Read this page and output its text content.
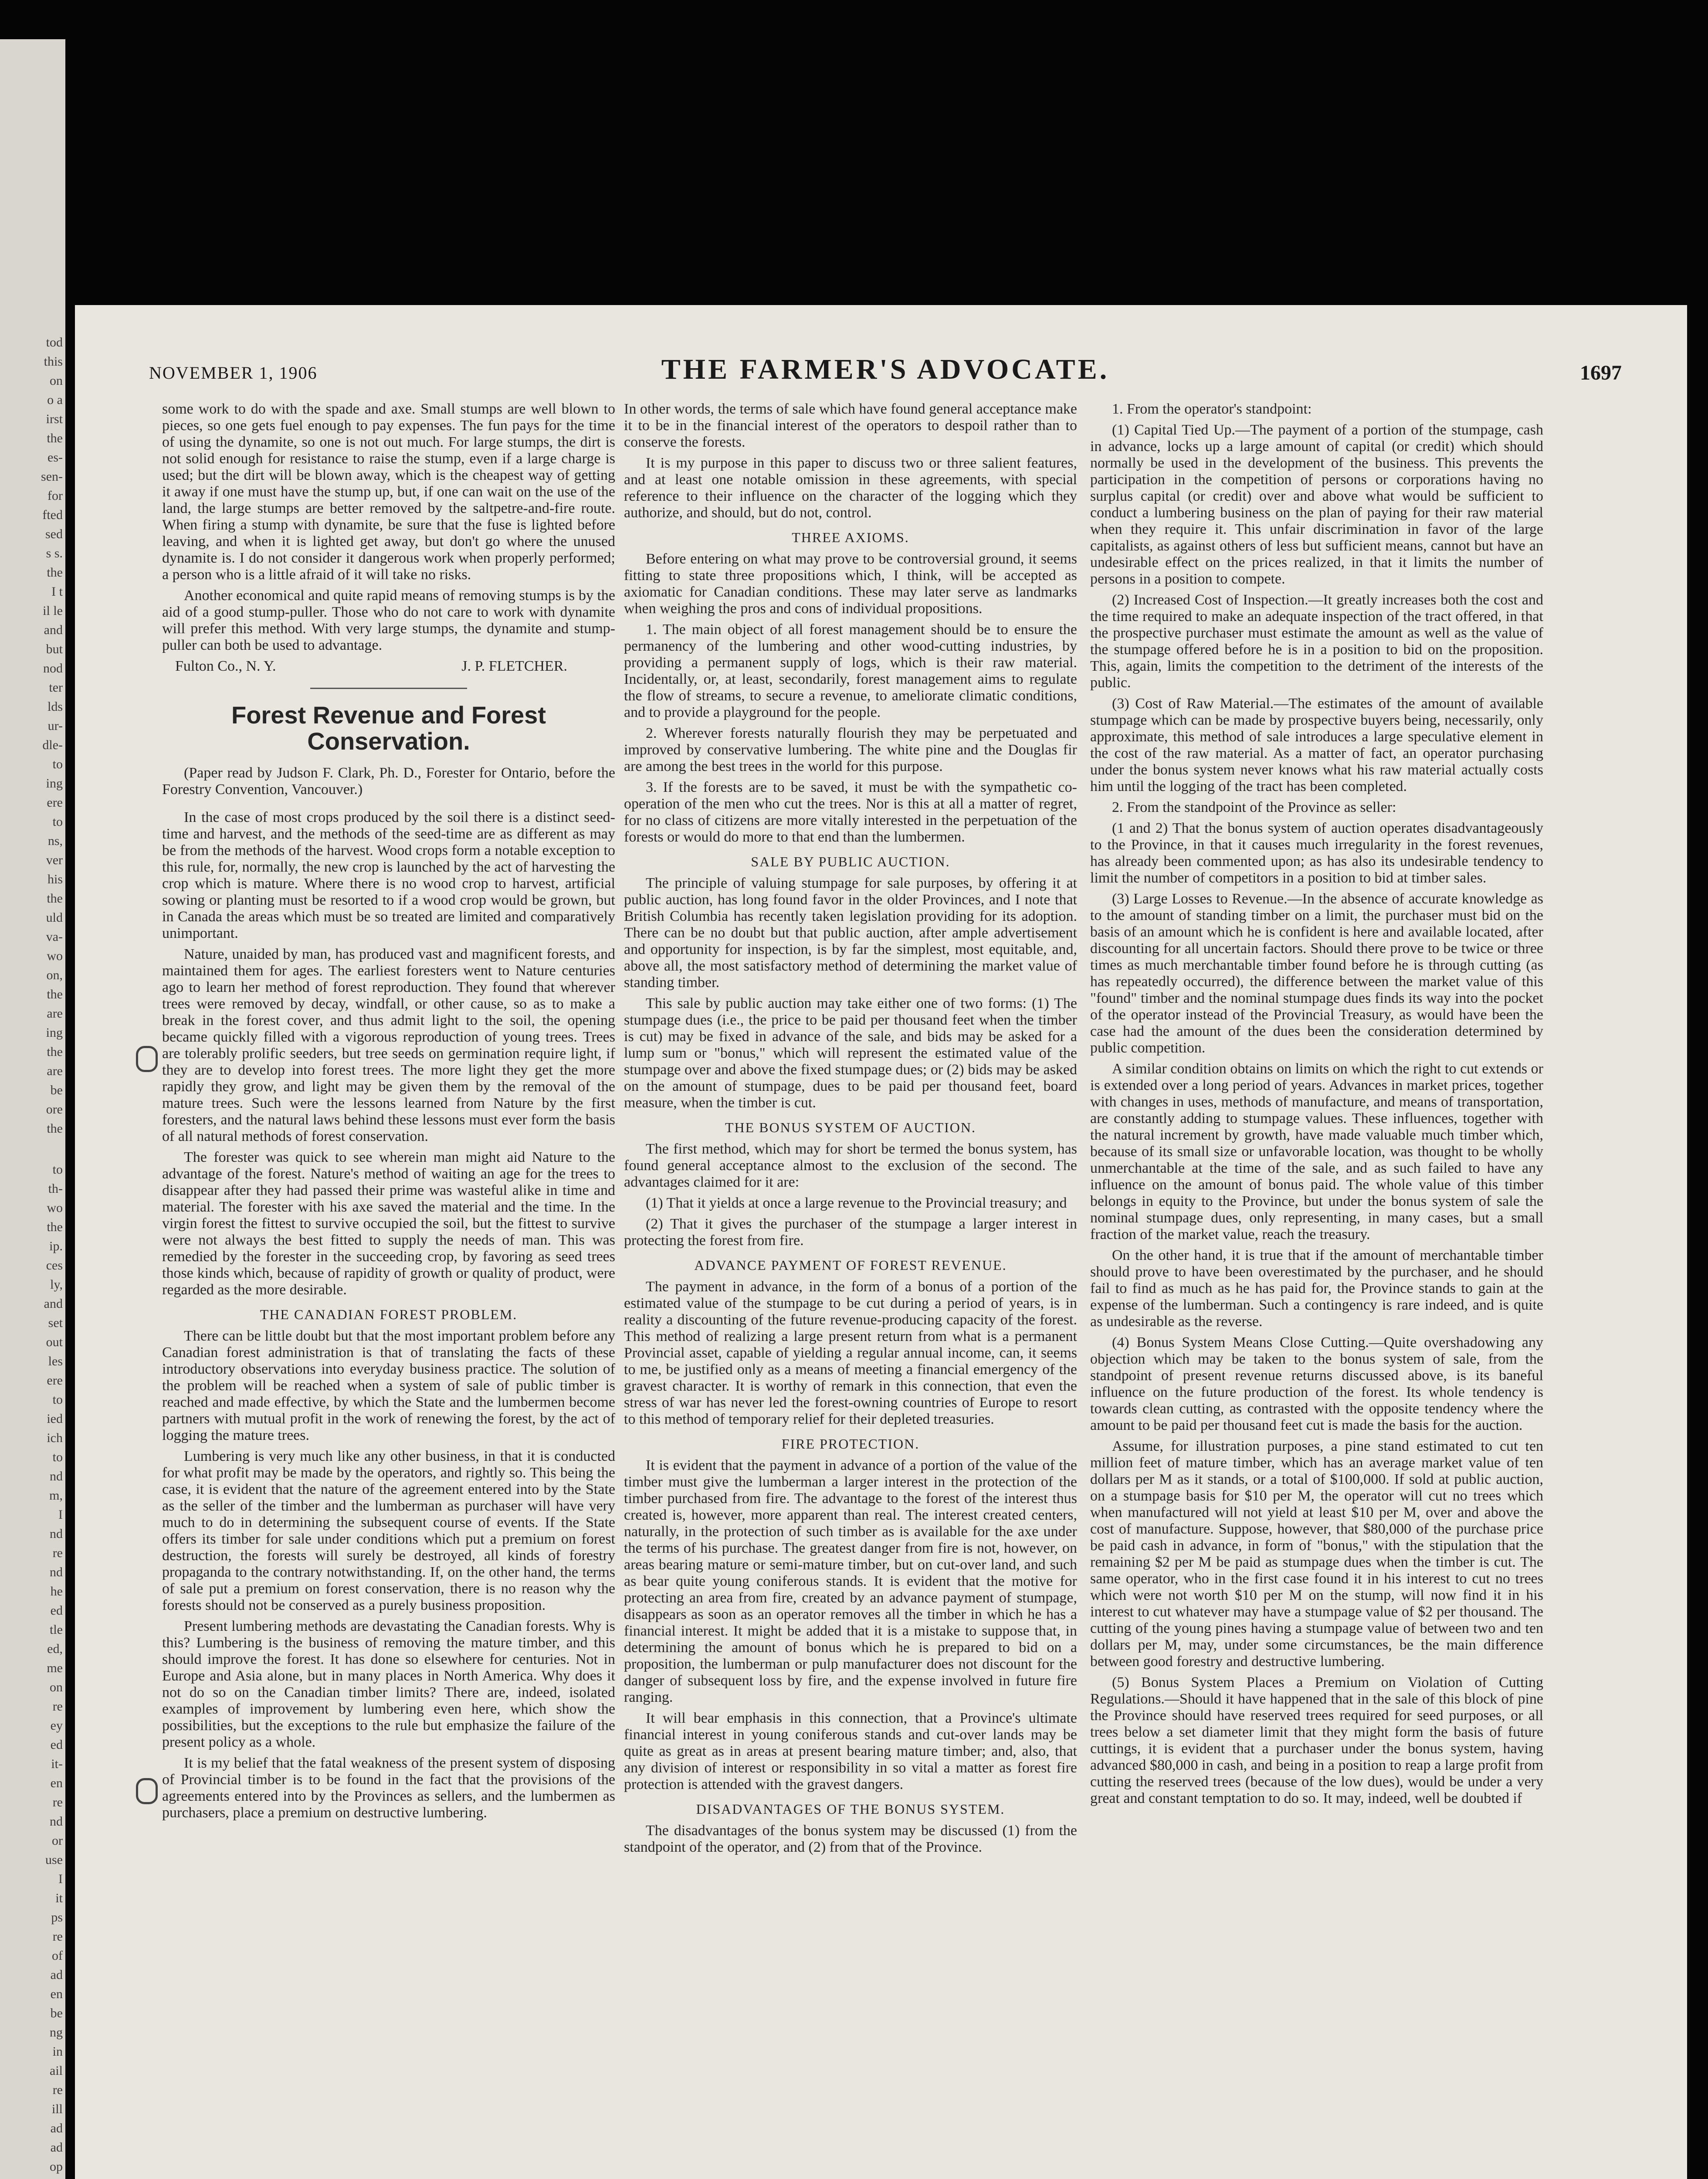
tod
this
on
o a
irst
the
es-
sen-
for
fted
sed
s s.
the
I t
il le
and
but
nod
ter
lds
ur-
dle-
to
ing
ere
to
ns,
ver
his
the
uld
va-
wo
on,
the
are
ing
the
are
be
ore
the
to
th-
wo
the
ip.
ces
ly,
and
set
out
les
ere
to
ied
ich
to
nd
m,
I
nd
re
nd
he
ed
tle
ed,
me
on
re
ey
ed
it-
en
re
nd
or
use
I
it
ps
re
of
ad
en
be
ng
in
ail
re
ill
ad
ad
op
NOVEMBER 1, 1906	THE FARMER'S ADVOCATE.	1697

some work to do with the spade and axe. Small stumps are well blown to pieces, so one gets fuel enough to pay expenses. The fun pays for the time of using the dynamite, so one is not out much. For large stumps, the dirt is not solid enough for resistance to raise the stump, even if a large charge is used; but the dirt will be blown away, which is the cheapest way of getting it away if one must have the stump up, but, if one can wait on the use of the land, the large stumps are better removed by the saltpetre-and-fire route. When firing a stump with dynamite, be sure that the fuse is lighted before leaving, and when it is lighted get away, but don't go where the unused dynamite is. I do not consider it dangerous work when properly performed; a person who is a little afraid of it will take no risks.

Another economical and quite rapid means of removing stumps is by the aid of a good stump-puller. Those who do not care to work with dynamite will prefer this method. With very large stumps, the dynamite and stump-puller can both be used to advantage.

Fulton Co., N. Y.	J. P. FLETCHER.
Forest Revenue and Forest Conservation.

(Paper read by Judson F. Clark, Ph. D., Forester for Ontario, before the Forestry Convention, Vancouver.)

In the case of most crops produced by the soil there is a distinct seed-time and harvest, and the methods of the seed-time are as different as may be from the methods of the harvest. Wood crops form a notable exception to this rule, for, normally, the new crop is launched by the act of harvesting the crop which is mature. Where there is no wood crop to harvest, artificial sowing or planting must be resorted to if a wood crop would be grown, but in Canada the areas which must be so treated are limited and comparatively unimportant.

Nature, unaided by man, has produced vast and magnificent forests, and maintained them for ages. The earliest foresters went to Nature centuries ago to learn her method of forest reproduction. They found that wherever trees were removed by decay, windfall, or other cause, so as to make a break in the forest cover, and thus admit light to the soil, the opening became quickly filled with a vigorous reproduction of young trees. Trees are tolerably prolific seeders, but tree seeds on germination require light, if they are to develop into forest trees. The more light they get the more rapidly they grow, and light may be given them by the removal of the mature trees. Such were the lessons learned from Nature by the first foresters, and the natural laws behind these lessons must ever form the basis of all natural methods of forest conservation.

The forester was quick to see wherein man might aid Nature to the advantage of the forest. Nature's method of waiting an age for the trees to disappear after they had passed their prime was wasteful alike in time and material. The forester with his axe saved the material and the time. In the virgin forest the fittest to survive occupied the soil, but the fittest to survive were not always the best fitted to supply the needs of man. This was remedied by the forester in the succeeding crop, by favoring as seed trees those kinds which, because of rapidity of growth or quality of product, were regarded as the more desirable.

THE CANADIAN FOREST PROBLEM.

There can be little doubt but that the most important problem before any Canadian forest administration is that of translating the facts of these introductory observations into everyday business practice. The solution of the problem will be reached when a system of sale of public timber is reached and made effective, by which the State and the lumbermen become partners with mutual profit in the work of renewing the forest, by the act of logging the mature trees.

Lumbering is very much like any other business, in that it is conducted for what profit may be made by the operators, and rightly so. This being the case, it is evident that the nature of the agreement entered into by the State as the seller of the timber and the lumberman as purchaser will have very much to do in determining the subsequent course of events. If the State offers its timber for sale under conditions which put a premium on forest destruction, the forests will surely be destroyed, all kinds of forestry propaganda to the contrary notwithstanding. If, on the other hand, the terms of sale put a premium on forest conservation, there is no reason why the forests should not be conserved as a purely business proposition.

Present lumbering methods are devastating the Canadian forests. Why is this? Lumbering is the business of removing the mature timber, and this should improve the forest. It has done so elsewhere for centuries. Not in Europe and Asia alone, but in many places in North America. Why does it not do so on the Canadian timber limits? There are, indeed, isolated examples of improvement by lumbering even here, which show the possibilities, but the exceptions to the rule but emphasize the failure of the present policy as a whole.

It is my belief that the fatal weakness of the present system of disposing of Provincial timber is to be found in the fact that the provisions of the agreements entered into by the Provinces as sellers, and the lumbermen as purchasers, place a premium on destructive lumbering.

In other words, the terms of sale which have found general acceptance make it to be in the financial interest of the operators to despoil rather than to conserve the forests.

It is my purpose in this paper to discuss two or three salient features, and at least one notable omission in these agreements, with special reference to their influence on the character of the logging which they authorize, and should, but do not, control.

THREE AXIOMS.

Before entering on what may prove to be controversial ground, it seems fitting to state three propositions which, I think, will be accepted as axiomatic for Canadian conditions. These may later serve as landmarks when weighing the pros and cons of individual propositions.

1. The main object of all forest management should be to ensure the permanency of the lumbering and other wood-cutting industries, by providing a permanent supply of logs, which is their raw material. Incidentally, or, at least, secondarily, forest management aims to regulate the flow of streams, to secure a revenue, to ameliorate climatic conditions, and to provide a playground for the people.

2. Wherever forests naturally flourish they may be perpetuated and improved by conservative lumbering. The white pine and the Douglas fir are among the best trees in the world for this purpose.

3. If the forests are to be saved, it must be with the sympathetic co-operation of the men who cut the trees. Nor is this at all a matter of regret, for no class of citizens are more vitally interested in the perpetuation of the forests or would do more to that end than the lumbermen.

SALE BY PUBLIC AUCTION.

The principle of valuing stumpage for sale purposes, by offering it at public auction, has long found favor in the older Provinces, and I note that British Columbia has recently taken legislation providing for its adoption. There can be no doubt but that public auction, after ample advertisement and opportunity for inspection, is by far the simplest, most equitable, and, above all, the most satisfactory method of determining the market value of standing timber.

This sale by public auction may take either one of two forms: (1) The stumpage dues (i.e., the price to be paid per thousand feet when the timber is cut) may be fixed in advance of the sale, and bids may be asked for a lump sum or "bonus," which will represent the estimated value of the stumpage over and above the fixed stumpage dues; or (2) bids may be asked on the amount of stumpage, dues to be paid per thousand feet, board measure, when the timber is cut.

THE BONUS SYSTEM OF AUCTION.

The first method, which may for short be termed the bonus system, has found general acceptance almost to the exclusion of the second. The advantages claimed for it are:

(1) That it yields at once a large revenue to the Provincial treasury; and

(2) That it gives the purchaser of the stumpage a larger interest in protecting the forest from fire.

ADVANCE PAYMENT OF FOREST REVENUE.

The payment in advance, in the form of a bonus of a portion of the estimated value of the stumpage to be cut during a period of years, is in reality a discounting of the future revenue-producing capacity of the forest. This method of realizing a large present return from what is a permanent Provincial asset, capable of yielding a regular annual income, can, it seems to me, be justified only as a means of meeting a financial emergency of the gravest character. It is worthy of remark in this connection, that even the stress of war has never led the forest-owning countries of Europe to resort to this method of temporary relief for their depleted treasuries.

FIRE PROTECTION.

It is evident that the payment in advance of a portion of the value of the timber must give the lumberman a larger interest in the protection of the timber purchased from fire. The advantage to the forest of the interest thus created is, however, more apparent than real. The interest created centers, naturally, in the protection of such timber as is available for the axe under the terms of his purchase. The greatest danger from fire is not, however, on areas bearing mature or semi-mature timber, but on cut-over land, and such as bear quite young coniferous stands. It is evident that the motive for protecting an area from fire, created by an advance payment of stumpage, disappears as soon as an operator removes all the timber in which he has a financial interest. It might be added that it is a mistake to suppose that, in determining the amount of bonus which he is prepared to bid on a proposition, the lumberman or pulp manufacturer does not discount for the danger of subsequent loss by fire, and the expense involved in future fire ranging.

It will bear emphasis in this connection, that a Province's ultimate financial interest in young coniferous stands and cut-over lands may be quite as great as in areas at present bearing mature timber; and, also, that any division of interest or responsibility in so vital a matter as forest fire protection is attended with the gravest dangers.

DISADVANTAGES OF THE BONUS SYSTEM.

The disadvantages of the bonus system may be discussed (1) from the standpoint of the operator, and (2) from that of the Province.

1. From the operator's standpoint:

(1) Capital Tied Up.—The payment of a portion of the stumpage, cash in advance, locks up a large amount of capital (or credit) which should normally be used in the development of the business. This prevents the participation in the competition of persons or corporations having no surplus capital (or credit) over and above what would be sufficient to conduct a lumbering business on the plan of paying for their raw material when they require it. This unfair discrimination in favor of the large capitalists, as against others of less but sufficient means, cannot but have an undesirable effect on the prices realized, in that it limits the number of persons in a position to compete.

(2) Increased Cost of Inspection.—It greatly increases both the cost and the time required to make an adequate inspection of the tract offered, in that the prospective purchaser must estimate the amount as well as the value of the stumpage offered before he is in a position to bid on the proposition. This, again, limits the competition to the detriment of the interests of the public.

(3) Cost of Raw Material.—The estimates of the amount of available stumpage which can be made by prospective buyers being, necessarily, only approximate, this method of sale introduces a large speculative element in the cost of the raw material. As a matter of fact, an operator purchasing under the bonus system never knows what his raw material actually costs him until the logging of the tract has been completed.

2. From the standpoint of the Province as seller:

(1 and 2) That the bonus system of auction operates disadvantageously to the Province, in that it causes much irregularity in the forest revenues, has already been commented upon; as has also its undesirable tendency to limit the number of competitors in a position to bid at timber sales.

(3) Large Losses to Revenue.—In the absence of accurate knowledge as to the amount of standing timber on a limit, the purchaser must bid on the basis of an amount which he is confident is here and available located, after discounting for all uncertain factors. Should there prove to be twice or three times as much merchantable timber found before he is through cutting (as has repeatedly occurred), the difference between the market value of this "found" timber and the nominal stumpage dues finds its way into the pocket of the operator instead of the Provincial Treasury, as would have been the case had the amount of the dues been the consideration determined by public competition.

A similar condition obtains on limits on which the right to cut extends or is extended over a long period of years. Advances in market prices, together with changes in uses, methods of manufacture, and means of transportation, are constantly adding to stumpage values. These influences, together with the natural increment by growth, have made valuable much timber which, because of its small size or unfavorable location, was thought to be wholly unmerchantable at the time of the sale, and as such failed to have any influence on the amount of bonus paid. The whole value of this timber belongs in equity to the Province, but under the bonus system of sale the nominal stumpage dues, only representing, in many cases, but a small fraction of the market value, reach the treasury.

On the other hand, it is true that if the amount of merchantable timber should prove to have been overestimated by the purchaser, and he should fail to find as much as he has paid for, the Province stands to gain at the expense of the lumberman. Such a contingency is rare indeed, and is quite as undesirable as the reverse.

(4) Bonus System Means Close Cutting.—Quite overshadowing any objection which may be taken to the bonus system of sale, from the standpoint of present revenue returns discussed above, is its baneful influence on the future production of the forest. Its whole tendency is towards clean cutting, as contrasted with the opposite tendency where the amount to be paid per thousand feet cut is made the basis for the auction.

Assume, for illustration purposes, a pine stand estimated to cut ten million feet of mature timber, which has an average market value of ten dollars per M as it stands, or a total of $100,000. If sold at public auction, on a stumpage basis for $10 per M, the operator will cut no trees which when manufactured will not yield at least $10 per M, over and above the cost of manufacture. Suppose, however, that $80,000 of the purchase price be paid cash in advance, in form of "bonus," with the stipulation that the remaining $2 per M be paid as stumpage dues when the timber is cut. The same operator, who in the first case found it in his interest to cut no trees which were not worth $10 per M on the stump, will now find it in his interest to cut whatever may have a stumpage value of $2 per thousand. The cutting of the young pines having a stumpage value of between two and ten dollars per M, may, under some circumstances, be the main difference between good forestry and destructive lumbering.

(5) Bonus System Places a Premium on Violation of Cutting Regulations.—Should it have happened that in the sale of this block of pine the Province should have reserved trees required for seed purposes, or all trees below a set diameter limit that they might form the basis of future cuttings, it is evident that a purchaser under the bonus system, having advanced $80,000 in cash, and being in a position to reap a large profit from cutting the reserved trees (because of the low dues), would be under a very great and constant temptation to do so. It may, indeed, well be doubted if
